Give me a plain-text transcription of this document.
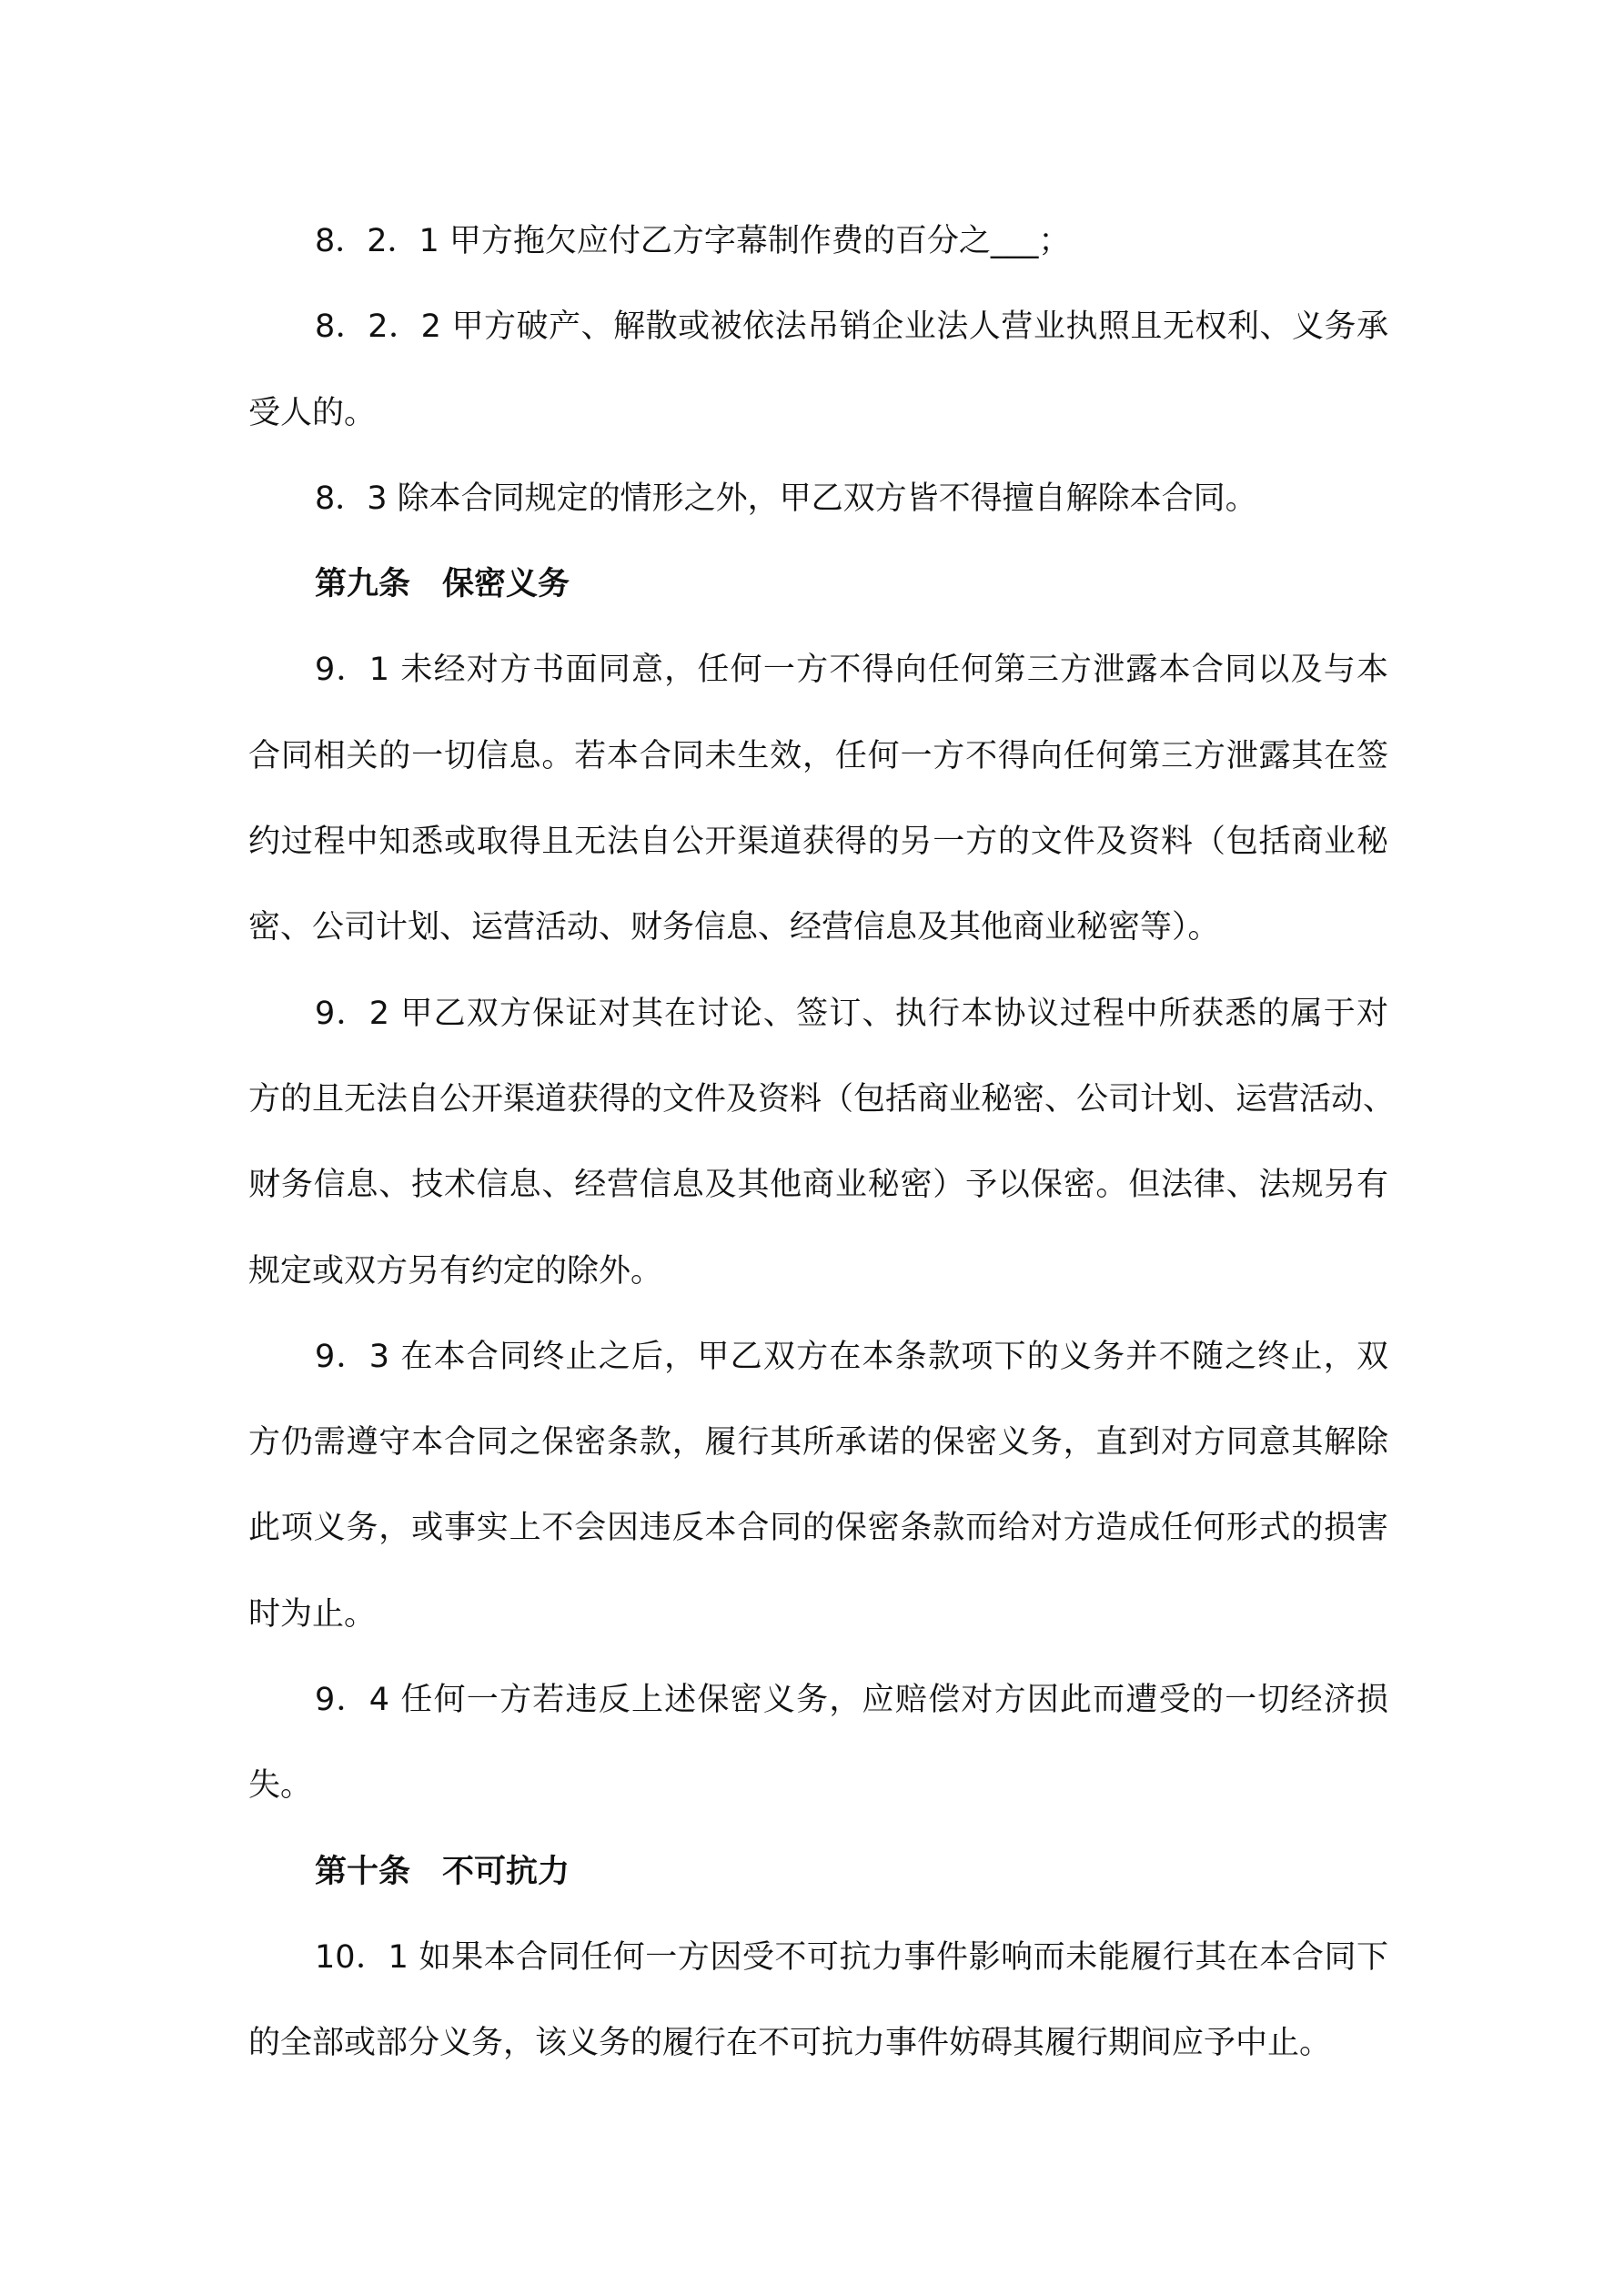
8．2．1 甲方拖欠应付乙方字幕制作费的百分之___；
8．2．2 甲方破产、解散或被依法吊销企业法人营业执照且无权利、义务承
受人的。
8．3 除本合同规定的情形之外，甲乙双方皆不得擅自解除本合同。
第九条　保密义务
9．1 未经对方书面同意，任何一方不得向任何第三方泄露本合同以及与本
合同相关的一切信息。若本合同未生效，任何一方不得向任何第三方泄露其在签
约过程中知悉或取得且无法自公开渠道获得的另一方的文件及资料（包括商业秘
密、公司计划、运营活动、财务信息、经营信息及其他商业秘密等）。
9．2 甲乙双方保证对其在讨论、签订、执行本协议过程中所获悉的属于对
方的且无法自公开渠道获得的文件及资料（包括商业秘密、公司计划、运营活动、
财务信息、技术信息、经营信息及其他商业秘密）予以保密。但法律、法规另有
规定或双方另有约定的除外。
9．3 在本合同终止之后，甲乙双方在本条款项下的义务并不随之终止，双
方仍需遵守本合同之保密条款，履行其所承诺的保密义务，直到对方同意其解除
此项义务，或事实上不会因违反本合同的保密条款而给对方造成任何形式的损害
时为止。
9．4 任何一方若违反上述保密义务，应赔偿对方因此而遭受的一切经济损
失。
第十条　不可抗力
10．1 如果本合同任何一方因受不可抗力事件影响而未能履行其在本合同下
的全部或部分义务，该义务的履行在不可抗力事件妨碍其履行期间应予中止。
